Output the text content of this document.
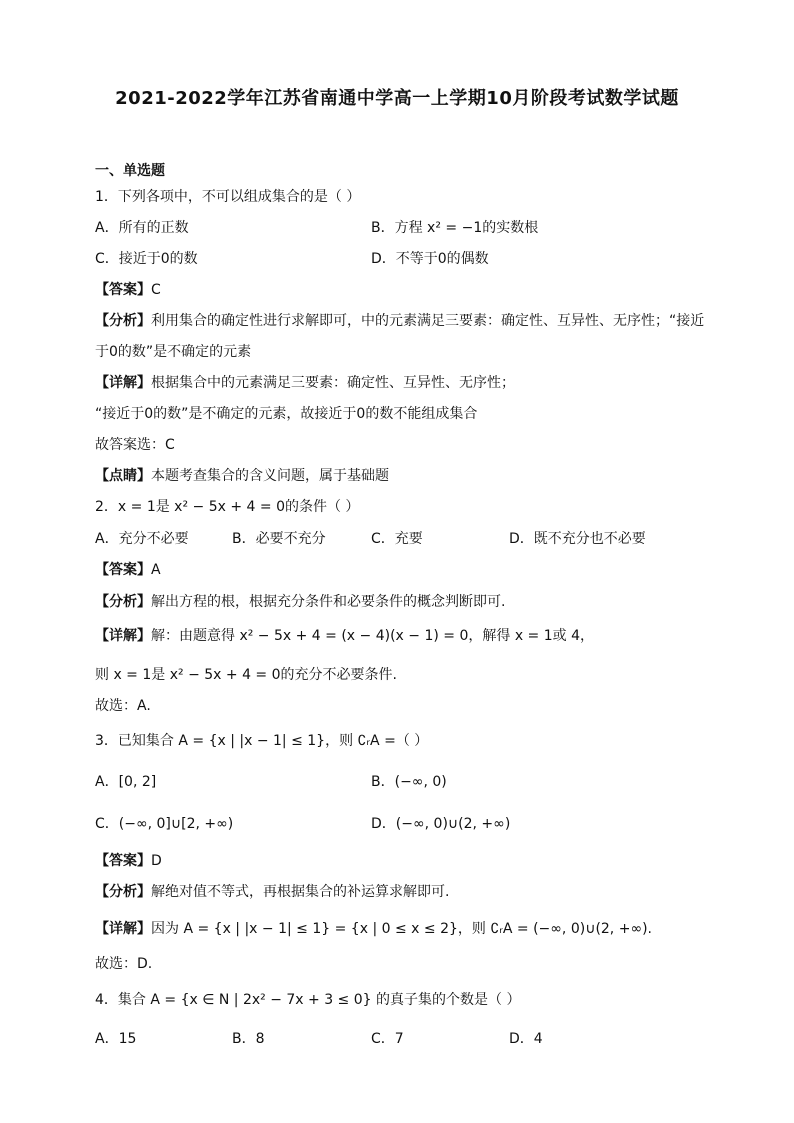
2021-2022学年江苏省南通中学高一上学期10月阶段考试数学试题
一、单选题
1．下列各项中，不可以组成集合的是（ ）
A．所有的正数	B．方程 x² = −1的实数根
C．接近于0的数	D．不等于0的偶数
【答案】C
【分析】利用集合的确定性进行求解即可，中的元素满足三要素：确定性、互异性、无序性；“接近
于0的数”是不确定的元素
【详解】根据集合中的元素满足三要素：确定性、互异性、无序性；
“接近于0的数”是不确定的元素，故接近于0的数不能组成集合
故答案选：C
【点睛】本题考查集合的含义问题，属于基础题
2．x = 1是 x² − 5x + 4 = 0的条件（ ）
A．充分不必要	B．必要不充分	C．充要	D．既不充分也不必要
【答案】A
【分析】解出方程的根，根据充分条件和必要条件的概念判断即可.
【详解】解：由题意得 x² − 5x + 4 = (x − 4)(x − 1) = 0，解得 x = 1或 4，
则 x = 1是 x² − 5x + 4 = 0的充分不必要条件.
故选：A.
3．已知集合 A = {x | |x − 1| ≤ 1}，则 ∁ᵣA =（ ）
A．[0, 2]	B．(−∞, 0)
C．(−∞, 0]∪[2, +∞)	D．(−∞, 0)∪(2, +∞)
【答案】D
【分析】解绝对值不等式，再根据集合的补运算求解即可.
【详解】因为 A = {x | |x − 1| ≤ 1} = {x | 0 ≤ x ≤ 2}，则 ∁ᵣA = (−∞, 0)∪(2, +∞).
故选：D.
4．集合 A = {x ∈ N | 2x² − 7x + 3 ≤ 0} 的真子集的个数是（ ）
A．15	B．8	C．7	D．4
